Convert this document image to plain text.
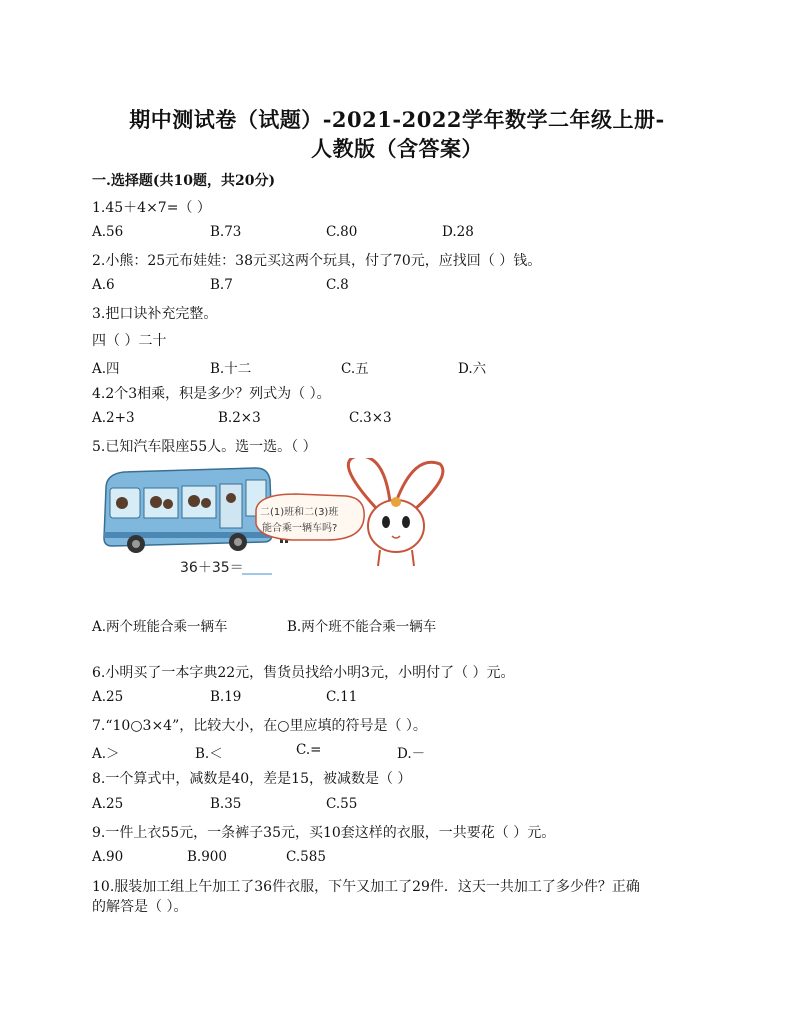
期中测试卷（试题）-2021-2022学年数学二年级上册-
人教版（含答案）
一.选择题(共10题，共20分)
1.45＋4×7=（ ）
A.56	B.73	C.80	D.28
2.小熊：25元布娃娃：38元买这两个玩具，付了70元，应找回（ ）钱。
A.6	B.7	C.8
3.把口诀补充完整。
四（ ）二十
A.四	B.十二	C.五	D.六
4.2个3相乘，积是多少？列式为（ ）。
A.2+3	B.2×3	C.3×3
5.已知汽车限座55人。选一选。（ ）
二(1)班和二(3)班
能合乘一辆车吗?
36＋35＝
A.两个班能合乘一辆车	B.两个班不能合乘一辆车
6.小明买了一本字典22元，售货员找给小明3元，小明付了（ ）元。
A.25	B.19	C.11
7.“10○3×4”，比较大小，在○里应填的符号是（ ）。
A.＞	B.＜	C.=	D.－
8.一个算式中，减数是40，差是15，被减数是（ ）
A.25	B.35	C.55
9.一件上衣55元，一条裤子35元，买10套这样的衣服，一共要花（ ）元。
A.90	B.900	C.585
10.服装加工组上午加工了36件衣服，下午又加工了29件．这天一共加工了多少件？正确
的解答是（ ）。
